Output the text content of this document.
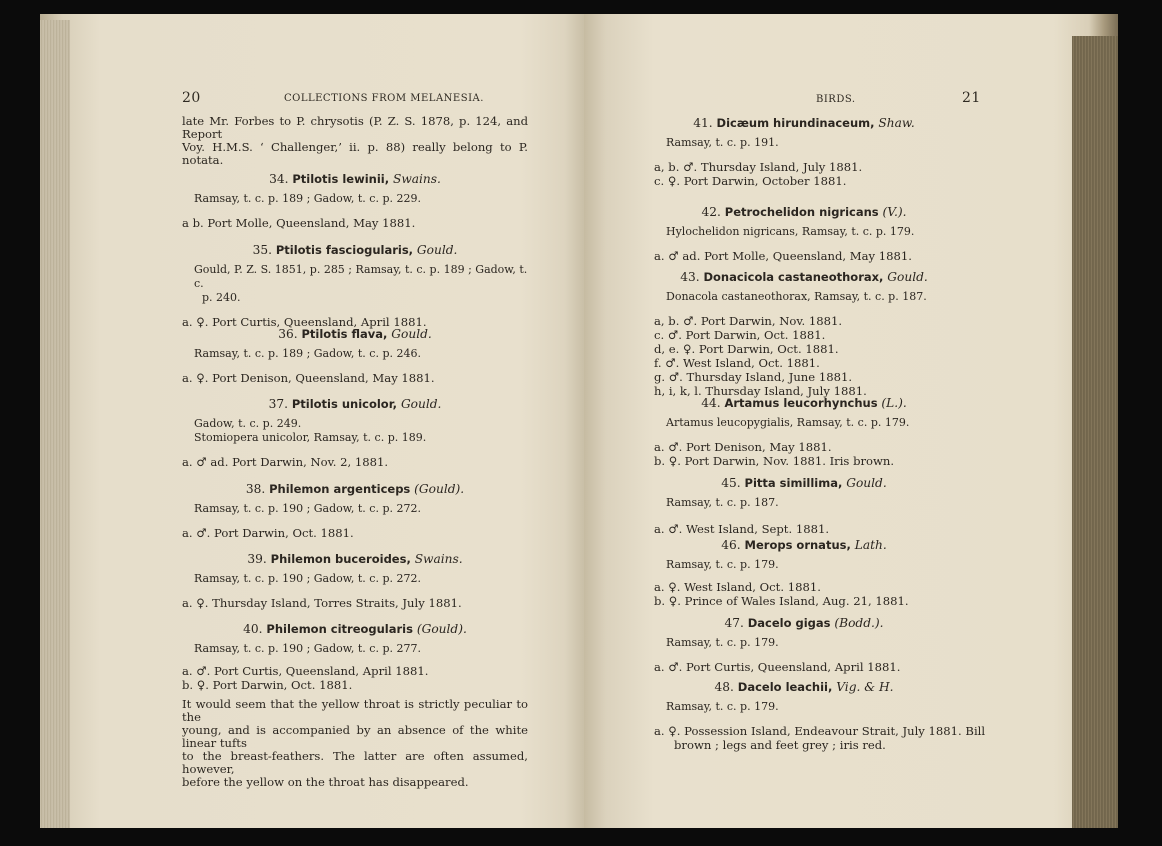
20	COLLECTIONS FROM MELANESIA.

late Mr. Forbes to P. chrysotis (P. Z. S. 1878, p. 124, and Report

Voy. H.M.S. ‘ Challenger,’ ii. p. 88) really belong to P. notata.

34. Ptilotis lewinii, Swains.

Ramsay, t. c. p. 189 ; Gadow, t. c. p. 229.

a b. Port Molle, Queensland, May 1881.

35. Ptilotis fasciogularis, Gould.

Gould, P. Z. S. 1851, p. 285 ; Ramsay, t. c. p. 189 ; Gadow, t. c.

p. 240.

a. ♀. Port Curtis, Queensland, April 1881.

36. Ptilotis flava, Gould.

Ramsay, t. c. p. 189 ; Gadow, t. c. p. 246.

a. ♀. Port Denison, Queensland, May 1881.

37. Ptilotis unicolor, Gould.

Gadow, t. c. p. 249.

Stomiopera unicolor, Ramsay, t. c. p. 189.

a. ♂ ad. Port Darwin, Nov. 2, 1881.

38. Philemon argenticeps (Gould).

Ramsay, t. c. p. 190 ; Gadow, t. c. p. 272.

a. ♂. Port Darwin, Oct. 1881.

39. Philemon buceroides, Swains.

Ramsay, t. c. p. 190 ; Gadow, t. c. p. 272.

a. ♀. Thursday Island, Torres Straits, July 1881.

40. Philemon citreogularis (Gould).

Ramsay, t. c. p. 190 ; Gadow, t. c. p. 277.

a. ♂. Port Curtis, Queensland, April 1881.

b. ♀. Port Darwin, Oct. 1881.

It would seem that the yellow throat is strictly peculiar to the

young, and is accompanied by an absence of the white linear tufts

to the breast-feathers. The latter are often assumed, however,

before the yellow on the throat has disappeared.

BIRDS.	21

41. Dicæum hirundinaceum, Shaw.

Ramsay, t. c. p. 191.

a, b. ♂. Thursday Island, July 1881.

c. ♀. Port Darwin, October 1881.

42. Petrochelidon nigricans (V.).

Hylochelidon nigricans, Ramsay, t. c. p. 179.

a. ♂ ad. Port Molle, Queensland, May 1881.

43. Donacicola castaneothorax, Gould.

Donacola castaneothorax, Ramsay, t. c. p. 187.

a, b. ♂. Port Darwin, Nov. 1881.

c. ♂. Port Darwin, Oct. 1881.

d, e. ♀. Port Darwin, Oct. 1881.

f. ♂. West Island, Oct. 1881.

g. ♂. Thursday Island, June 1881.

h, i, k, l. Thursday Island, July 1881.

44. Artamus leucorhynchus (L.).

Artamus leucopygialis, Ramsay, t. c. p. 179.

a. ♂. Port Denison, May 1881.

b. ♀. Port Darwin, Nov. 1881. Iris brown.

45. Pitta simillima, Gould.

Ramsay, t. c. p. 187.

a. ♂. West Island, Sept. 1881.

46. Merops ornatus, Lath.

Ramsay, t. c. p. 179.

a. ♀. West Island, Oct. 1881.

b. ♀. Prince of Wales Island, Aug. 21, 1881.

47. Dacelo gigas (Bodd.).

Ramsay, t. c. p. 179.

a. ♂. Port Curtis, Queensland, April 1881.

48. Dacelo leachii, Vig. & H.

Ramsay, t. c. p. 179.

a. ♀. Possession Island, Endeavour Strait, July 1881. Bill

brown ; legs and feet grey ; iris red.
